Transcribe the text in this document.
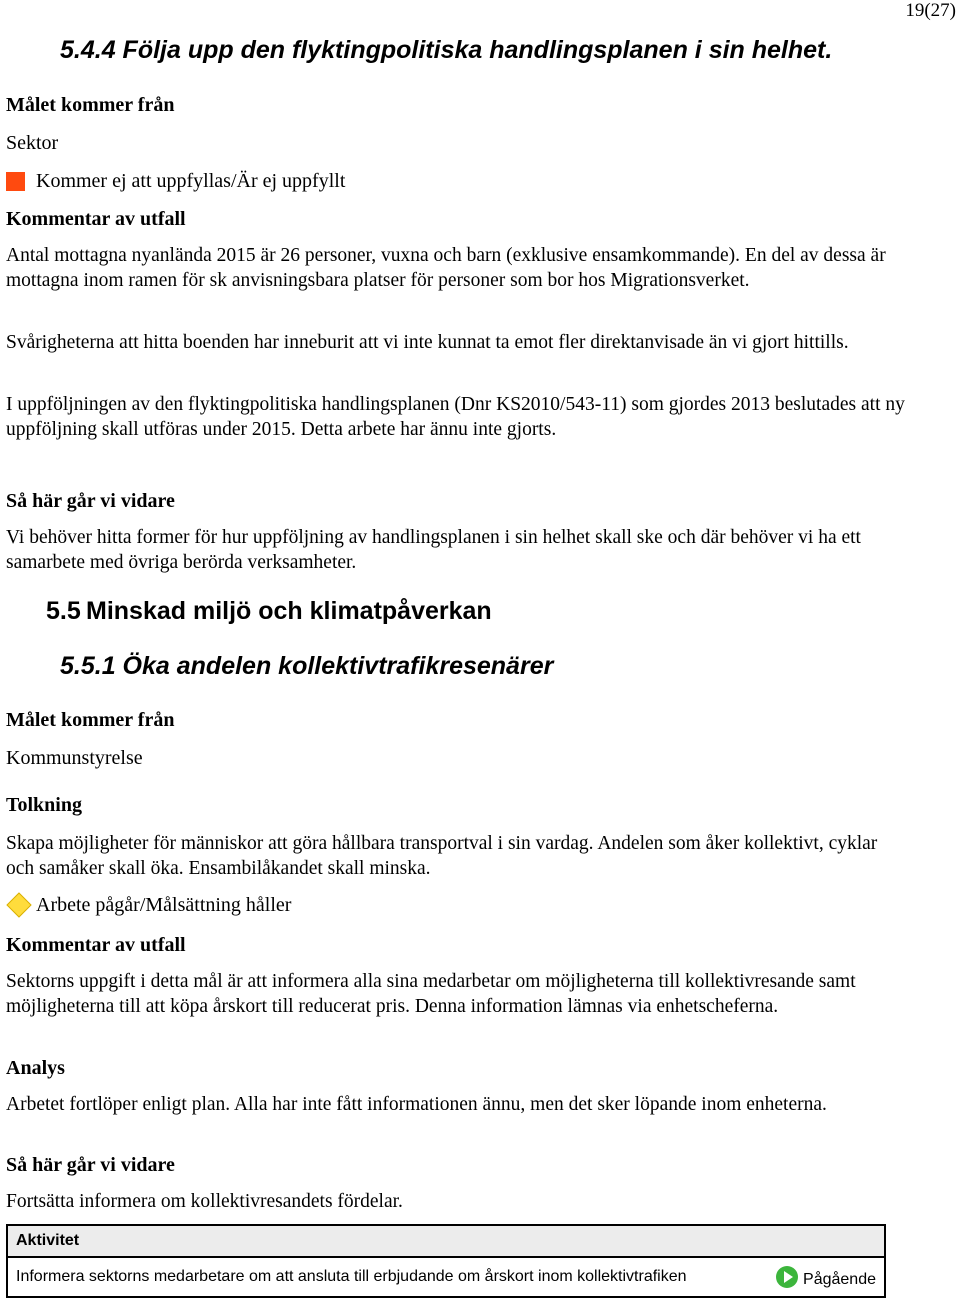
19(27)
5.4.4 Följa upp den flyktingpolitiska handlingsplanen i sin helhet.
Målet kommer från
Sektor
Kommer ej att uppfyllas/Är ej uppfyllt
Kommentar av utfall
Antal mottagna nyanlända 2015 är 26 personer, vuxna och barn (exklusive ensamkommande). En del av dessa är mottagna inom ramen för sk anvisningsbara platser för personer som bor hos Migrationsverket.
Svårigheterna att hitta boenden har inneburit att vi inte kunnat ta emot fler direktanvisade än vi gjort hittills.
I uppföljningen av den flyktingpolitiska handlingsplanen (Dnr KS2010/543-11) som gjordes 2013 beslutades att ny uppföljning skall utföras under 2015. Detta arbete har ännu inte gjorts.
Så här går vi vidare
Vi behöver hitta former för hur uppföljning av handlingsplanen i sin helhet skall ske och där behöver vi ha ett samarbete med övriga berörda verksamheter.
5.5 Minskad miljö och klimatpåverkan
5.5.1 Öka andelen kollektivtrafikresenärer
Målet kommer från
Kommunstyrelse
Tolkning
Skapa möjligheter för människor att göra hållbara transportval i sin vardag. Andelen som åker kollektivt, cyklar och samåker skall öka. Ensambilåkandet skall minska.
Arbete pågår/Målsättning håller
Kommentar av utfall
Sektorns uppgift i detta mål är att informera alla sina medarbetar om möjligheterna till kollektivresande samt möjligheterna till att köpa årskort till reducerat pris. Denna information lämnas via enhetscheferna.
Analys
Arbetet fortlöper enligt plan. Alla har inte fått informationen ännu, men det sker löpande inom enheterna.
Så här går vi vidare
Fortsätta informera om kollektivresandets fördelar.
Aktivitet

Informera sektorns medarbetare om att ansluta till erbjudande om årskort inom kollektivtrafiken	Pågående
